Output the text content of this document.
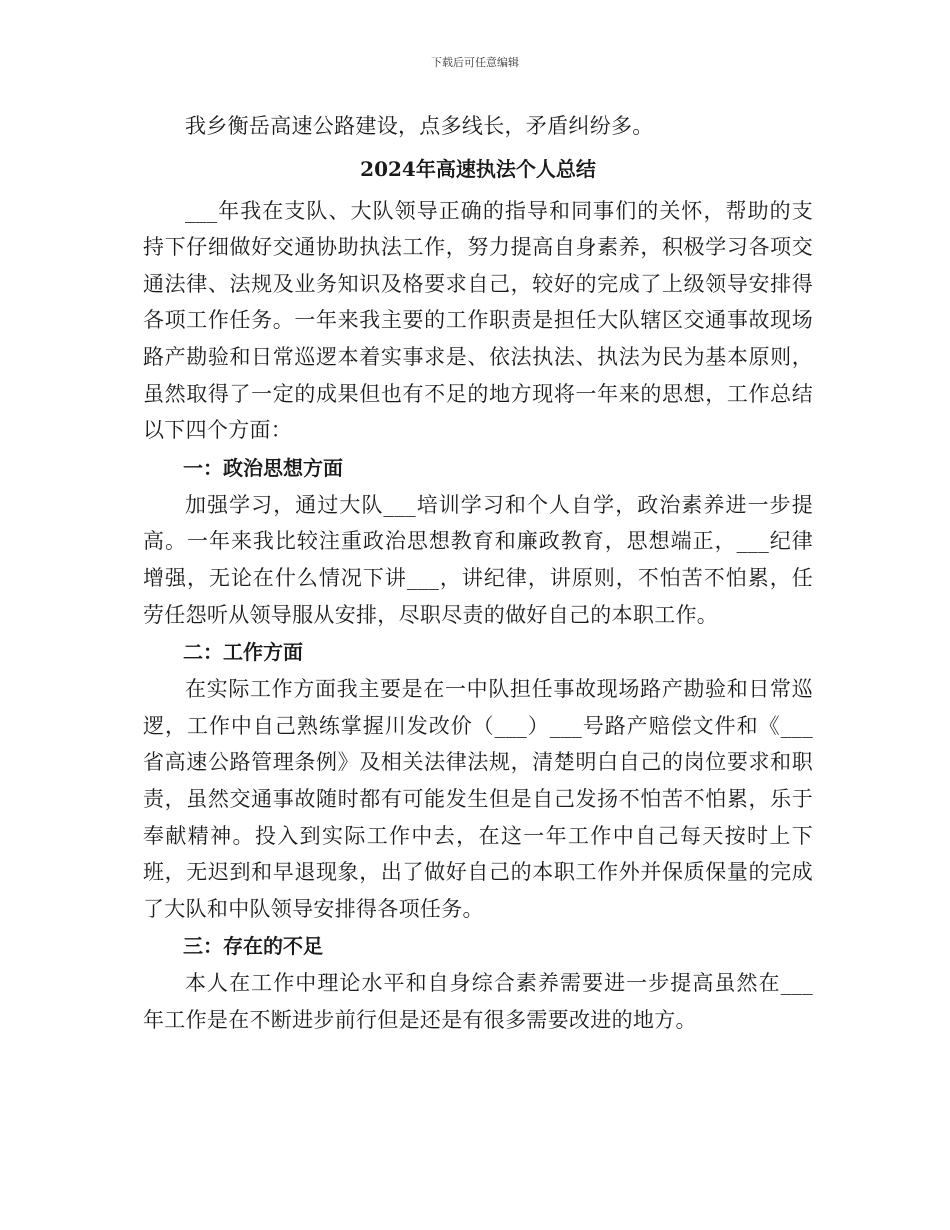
下载后可任意编辑

我乡衡岳高速公路建设，点多线长，矛盾纠纷多。

2024年高速执法个人总结

___年我在支队、大队领导正确的指导和同事们的关怀，帮助的支持下仔细做好交通协助执法工作，努力提高自身素养，积极学习各项交通法律、法规及业务知识及格要求自己，较好的完成了上级领导安排得各项工作任务。一年来我主要的工作职责是担任大队辖区交通事故现场路产勘验和日常巡逻本着实事求是、依法执法、执法为民为基本原则，虽然取得了一定的成果但也有不足的地方现将一年来的思想，工作总结以下四个方面：

一：政治思想方面

加强学习，通过大队___培训学习和个人自学，政治素养进一步提高。一年来我比较注重政治思想教育和廉政教育，思想端正，___纪律增强，无论在什么情况下讲___，讲纪律，讲原则，不怕苦不怕累，任劳任怨听从领导服从安排，尽职尽责的做好自己的本职工作。

二：工作方面

在实际工作方面我主要是在一中队担任事故现场路产勘验和日常巡逻，工作中自己熟练掌握川发改价（___）___号路产赔偿文件和《___省高速公路管理条例》及相关法律法规，清楚明白自己的岗位要求和职责，虽然交通事故随时都有可能发生但是自己发扬不怕苦不怕累，乐于奉献精神。投入到实际工作中去，在这一年工作中自己每天按时上下班，无迟到和早退现象，出了做好自己的本职工作外并保质保量的完成了大队和中队领导安排得各项任务。

三：存在的不足

本人在工作中理论水平和自身综合素养需要进一步提高虽然在___年工作是在不断进步前行但是还是有很多需要改进的地方。
